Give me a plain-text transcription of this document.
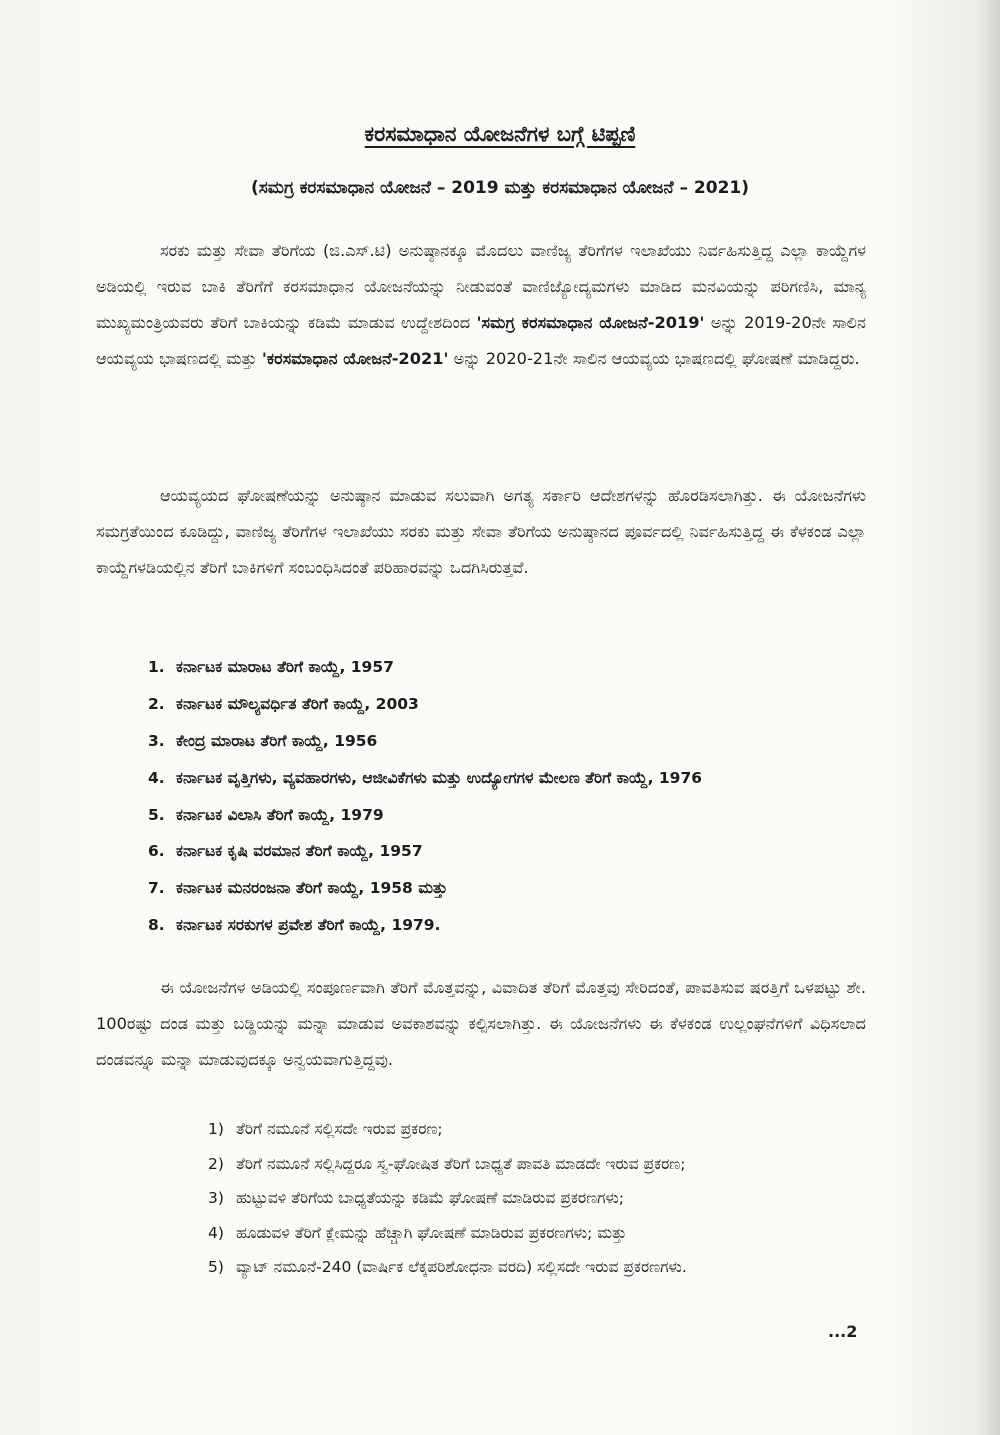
ಕರಸಮಾಧಾನ ಯೋಜನೆಗಳ ಬಗ್ಗೆ ಟಿಪ್ಪಣಿ
(ಸಮಗ್ರ ಕರಸಮಾಧಾನ ಯೋಜನೆ – 2019 ಮತ್ತು ಕರಸಮಾಧಾನ ಯೋಜನೆ – 2021)
ಸರಕು ಮತ್ತು ಸೇವಾ ತೆರಿಗೆಯ (ಜಿ.ಎಸ್.ಟಿ) ಅನುಷ್ಠಾನಕ್ಕೂ ಮೊದಲು ವಾಣಿಜ್ಯ ತೆರಿಗೆಗಳ ಇಲಾಖೆಯು ನಿರ್ವಹಿಸುತ್ತಿದ್ದ ಎಲ್ಲಾ ಕಾಯ್ದೆಗಳ ಅಡಿಯಲ್ಲಿ ಇರುವ ಬಾಕಿ ತೆರಿಗೆಗೆ ಕರಸಮಾಧಾನ ಯೋಜನೆಯನ್ನು ನೀಡುವಂತೆ ವಾಣಿಜ್ಯೋದ್ಯಮಗಳು ಮಾಡಿದ ಮನವಿಯನ್ನು ಪರಿಗಣಿಸಿ, ಮಾನ್ಯ ಮುಖ್ಯಮಂತ್ರಿಯವರು ತೆರಿಗೆ ಬಾಕಿಯನ್ನು ಕಡಿಮೆ ಮಾಡುವ ಉದ್ದೇಶದಿಂದ 'ಸಮಗ್ರ ಕರಸಮಾಧಾನ ಯೋಜನೆ-2019' ಅನ್ನು 2019-20ನೇ ಸಾಲಿನ ಆಯವ್ಯಯ ಭಾಷಣದಲ್ಲಿ ಮತ್ತು 'ಕರಸಮಾಧಾನ ಯೋಜನೆ-2021' ಅನ್ನು 2020-21ನೇ ಸಾಲಿನ ಆಯವ್ಯಯ ಭಾಷಣದಲ್ಲಿ ಘೋಷಣೆ ಮಾಡಿದ್ದರು.
ಆಯವ್ಯಯದ ಘೋಷಣೆಯನ್ನು ಅನುಷ್ಠಾನ ಮಾಡುವ ಸಲುವಾಗಿ ಅಗತ್ಯ ಸರ್ಕಾರಿ ಆದೇಶಗಳನ್ನು ಹೊರಡಿಸಲಾಗಿತ್ತು. ಈ ಯೋಜನೆಗಳು ಸಮಗ್ರತೆಯಿಂದ ಕೂಡಿದ್ದು, ವಾಣಿಜ್ಯ ತೆರಿಗೆಗಳ ಇಲಾಖೆಯು ಸರಕು ಮತ್ತು ಸೇವಾ ತೆರಿಗೆಯ ಅನುಷ್ಠಾನದ ಪೂರ್ವದಲ್ಲಿ ನಿರ್ವಹಿಸುತ್ತಿದ್ದ ಈ ಕೆಳಕಂಡ ಎಲ್ಲಾ ಕಾಯ್ದೆಗಳಡಿಯಲ್ಲಿನ ತೆರಿಗೆ ಬಾಕಿಗಳಿಗೆ ಸಂಬಂಧಿಸಿದಂತೆ ಪರಿಹಾರವನ್ನು ಒದಗಿಸಿರುತ್ತವೆ.
1. ಕರ್ನಾಟಕ ಮಾರಾಟ ತೆರಿಗೆ ಕಾಯ್ದೆ, 1957
2. ಕರ್ನಾಟಕ ಮೌಲ್ಯವರ್ಧಿತ ತೆರಿಗೆ ಕಾಯ್ದೆ, 2003
3. ಕೇಂದ್ರ ಮಾರಾಟ ತೆರಿಗೆ ಕಾಯ್ದೆ, 1956
4. ಕರ್ನಾಟಕ ವೃತ್ತಿಗಳು, ವ್ಯವಹಾರಗಳು, ಆಜೀವಿಕೆಗಳು ಮತ್ತು ಉದ್ಯೋಗಗಳ ಮೇಲಣ ತೆರಿಗೆ ಕಾಯ್ದೆ, 1976
5. ಕರ್ನಾಟಕ ವಿಲಾಸಿ ತೆರಿಗೆ ಕಾಯ್ದೆ, 1979
6. ಕರ್ನಾಟಕ ಕೃಷಿ ವರಮಾನ ತೆರಿಗೆ ಕಾಯ್ದೆ, 1957
7. ಕರ್ನಾಟಕ ಮನರಂಜನಾ ತೆರಿಗೆ ಕಾಯ್ದೆ, 1958 ಮತ್ತು
8. ಕರ್ನಾಟಕ ಸರಕುಗಳ ಪ್ರವೇಶ ತೆರಿಗೆ ಕಾಯ್ದೆ, 1979.
ಈ ಯೋಜನೆಗಳ ಅಡಿಯಲ್ಲಿ ಸಂಪೂರ್ಣವಾಗಿ ತೆರಿಗೆ ಮೊತ್ತವನ್ನು, ವಿವಾದಿತ ತೆರಿಗೆ ಮೊತ್ತವು ಸೇರಿದಂತೆ, ಪಾವತಿಸುವ ಷರತ್ತಿಗೆ ಒಳಪಟ್ಟು ಶೇ. 100ರಷ್ಟು ದಂಡ ಮತ್ತು ಬಡ್ಡಿಯನ್ನು ಮನ್ನಾ ಮಾಡುವ ಅವಕಾಶವನ್ನು ಕಲ್ಪಿಸಲಾಗಿತ್ತು. ಈ ಯೋಜನೆಗಳು ಈ ಕೆಳಕಂಡ ಉಲ್ಲಂಘನೆಗಳಿಗೆ ವಿಧಿಸಲಾದ ದಂಡವನ್ನೂ ಮನ್ನಾ ಮಾಡುವುದಕ್ಕೂ ಅನ್ವಯವಾಗುತ್ತಿದ್ದವು.
1) ತೆರಿಗೆ ನಮೂನೆ ಸಲ್ಲಿಸದೇ ಇರುವ ಪ್ರಕರಣ;
2) ತೆರಿಗೆ ನಮೂನೆ ಸಲ್ಲಿಸಿದ್ದರೂ ಸ್ವ-ಘೋಷಿತ ತೆರಿಗೆ ಬಾಧ್ಯತೆ ಪಾವತಿ ಮಾಡದೇ ಇರುವ ಪ್ರಕರಣ;
3) ಹುಟ್ಟುವಳಿ ತೆರಿಗೆಯ ಬಾಧ್ಯತೆಯನ್ನು ಕಡಿಮೆ ಘೋಷಣೆ ಮಾಡಿರುವ ಪ್ರಕರಣಗಳು;
4) ಹೂಡುವಳಿ ತೆರಿಗೆ ಕ್ಲೇಮನ್ನು ಹೆಚ್ಚಾಗಿ ಘೋಷಣೆ ಮಾಡಿರುವ ಪ್ರಕರಣಗಳು; ಮತ್ತು
5) ವ್ಯಾಟ್ ನಮೂನೆ-240 (ವಾರ್ಷಿಕ ಲೆಕ್ಕಪರಿಶೋಧನಾ ವರದಿ) ಸಲ್ಲಿಸದೇ ಇರುವ ಪ್ರಕರಣಗಳು.
...2
